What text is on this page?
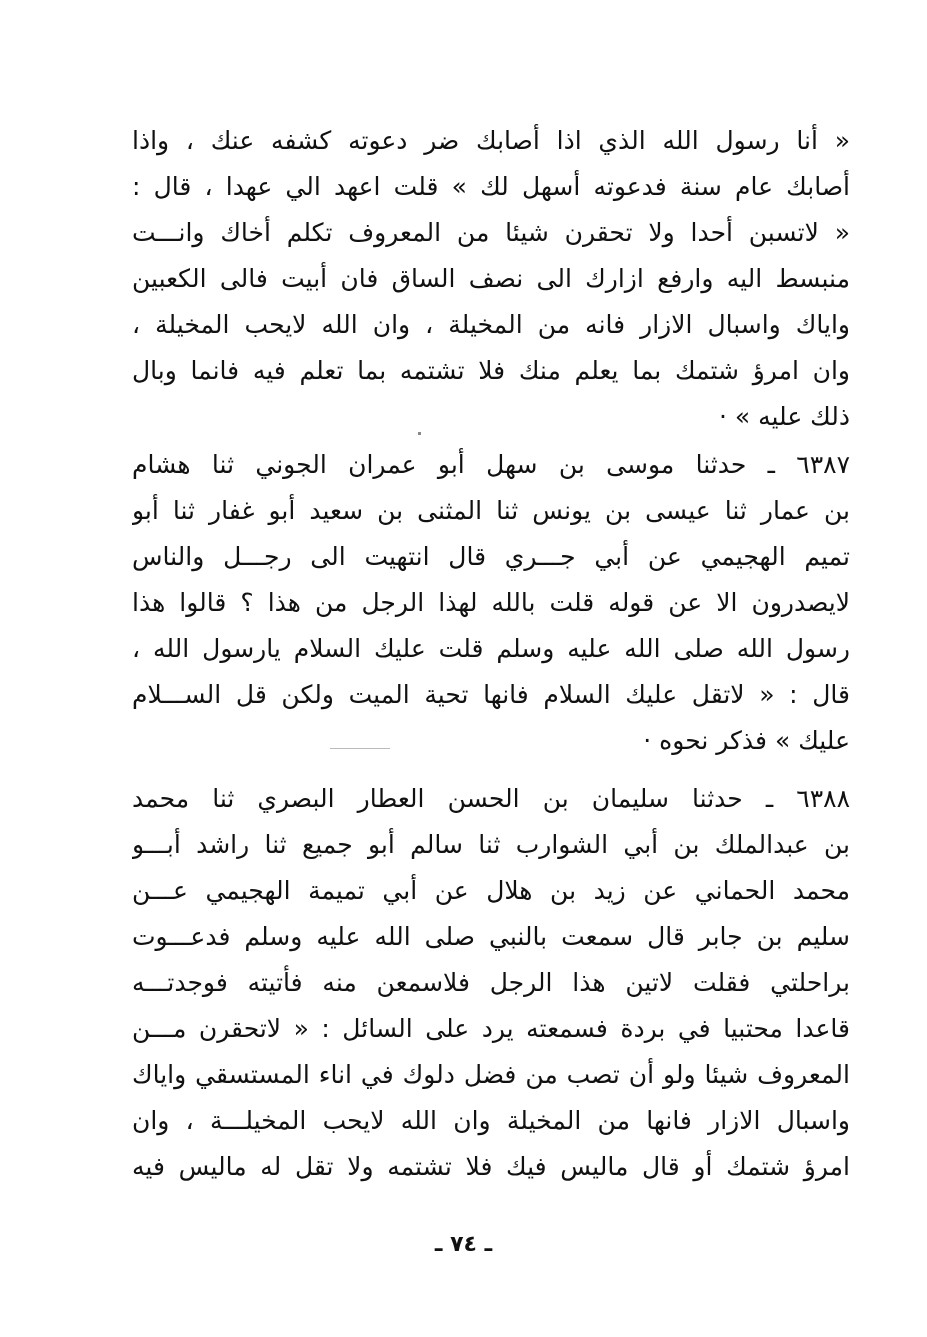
« أنا رسول الله الذي اذا أصابك ضر دعوته كشفه عنك ، واذا
أصابك عام سنة فدعوته أسهل لك » قلت اعهد الي عهدا ، قال :
« لاتسبن أحدا ولا تحقرن شيئا من المعروف تكلم أخاك وانـــت
منبسط اليه وارفع ازارك الى نصف الساق فان أبيت فالى الكعبين
واياك واسبال الازار فانه من المخيلة ، وان الله لايحب المخيلة ،
وان امرؤ شتمك بما يعلم منك فلا تشتمه بما تعلم فيه فانما وبال
ذلك عليه » ·
٦٣٨٧ ـ حدثنا موسى بن سهل أبو عمران الجوني ثنا هشام
بن عمار ثنا عيسى بن يونس ثنا المثنى بن سعيد أبو غفار ثنا أبو
تميم الهجيمي عن أبي جـــري قال انتهيت الى رجـــل والناس
لايصدرون الا عن قوله قلت بالله لهذا الرجل من هذا ؟ قالوا هذا
رسول الله صلى الله عليه وسلم قلت عليك السلام يارسول الله ،
قال : « لاتقل عليك السلام فانها تحية الميت ولكن قل الســـلام
عليك » فذكر نحوه ·
٦٣٨٨ ـ حدثنا سليمان بن الحسن العطار البصري ثنا محمد
بن عبدالملك بن أبي الشوارب ثنا سالم أبو جميع ثنا راشد أبـــو
محمد الحماني عن زيد بن هلال عن أبي تميمة الهجيمي عـــن
سليم بن جابر قال سمعت بالنبي صلى الله عليه وسلم فدعـــوت
براحلتي فقلت لاتين هذا الرجل فلاسمعن منه فأتيته فوجدتـــه
قاعدا محتبيا في بردة فسمعته يرد على السائل : « لاتحقرن مـــن
المعروف شيئا ولو أن تصب من فضل دلوك في اناء المستسقي واياك
واسبال الازار فانها من المخيلة وان الله لايحب المخيلـــة ، وان
امرؤ شتمك أو قال ماليس فيك فلا تشتمه ولا تقل له ماليس فيه
ـ ٧٤ ـ
